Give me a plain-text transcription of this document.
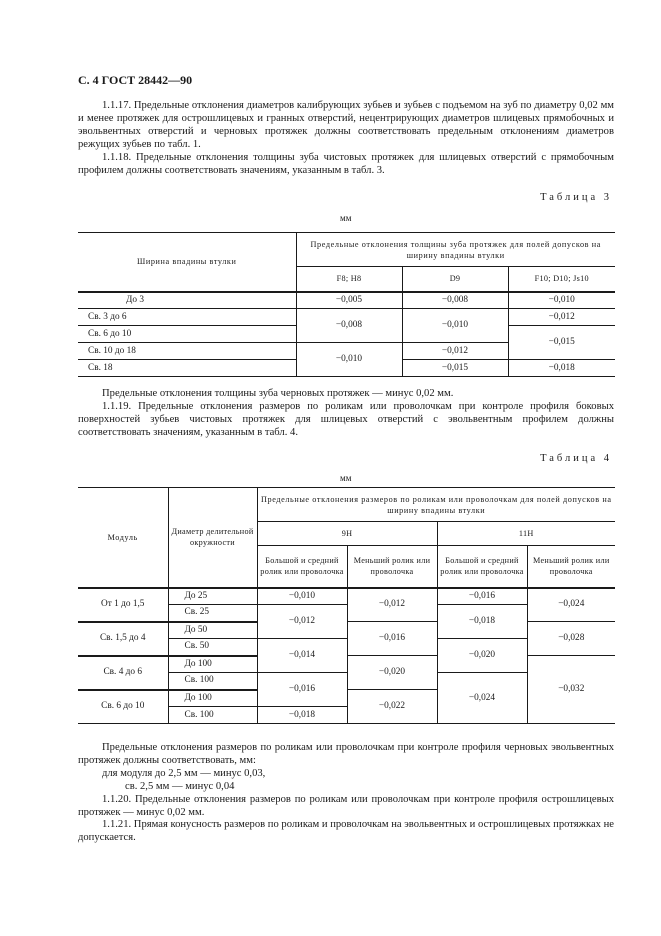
С. 4 ГОСТ 28442—90

1.1.17. Предельные отклонения диаметров калибрующих зубьев и зубьев с подъемом на зуб по диаметру 0,02 мм и менее протяжек для острошлицевых и гранных отверстий, нецентрирующих диаметров шлицевых прямобочных и эвольвентных отверстий и черновых протяжек должны соответствовать предельным отклонениям диаметров режущих зубьев по табл. 1.

1.1.18. Предельные отклонения толщины зуба чистовых протяжек для шлицевых отверстий с прямобочным профилем должны соответствовать значениям, указанным в табл. 3.

Таблица 3
мм
Ширина впадины втулки	Предельные отклонения толщины зуба протяжек для полей допусков на ширину впадины втулки		
	F8; H8	D9	F10; D10; Js10
До 3	−0,005	−0,008	−0,010
Св. 3 до 6	−0,008	−0,010	−0,012
Св. 6 до 10			−0,015
Св. 10 до 18	−0,010	−0,012	
Св. 18		−0,015	−0,018

Предельные отклонения толщины зуба черновых протяжек — минус 0,02 мм.

1.1.19. Предельные отклонения размеров по роликам или проволочкам при контроле профиля боковых поверхностей зубьев чистовых протяжек для шлицевых отверстий с эвольвентным профилем должны соответствовать значениям, указанным в табл. 4.

Таблица 4
мм
Модуль	Диаметр делительной окружности	Предельные отклонения размеров по роликам или проволочкам для полей допусков на ширину впадины втулки			
		9H		11H	
		Большой и средний ролик или проволочка	Меньший ролик или проволочка	Большой и средний ролик или проволочка	Меньший ролик или проволочка
От 1 до 1,5	До 25	−0,010	−0,012	−0,016	−0,024
	Св. 25	−0,012		−0,018	
Св. 1,5 до 4	До 50		−0,016		−0,028
	Св. 50	−0,014		−0,020	
Св. 4 до 6	До 100		−0,020		−0,032
	Св. 100	−0,016		−0,024	
Св. 6 до 10	До 100		−0,022		
	Св. 100	−0,018			

Предельные отклонения размеров по роликам или проволочкам при контроле профиля черновых эвольвентных протяжек должны соответствовать, мм:

для модуля до 2,5 мм — минус 0,03,

св. 2,5 мм — минус 0,04

1.1.20. Предельные отклонения размеров по роликам или проволочкам при контроле профиля острошлицевых протяжек — минус 0,02 мм.

1.1.21. Прямая конусность размеров по роликам и проволочкам на эвольвентных и острошлицевых протяжках не допускается.
